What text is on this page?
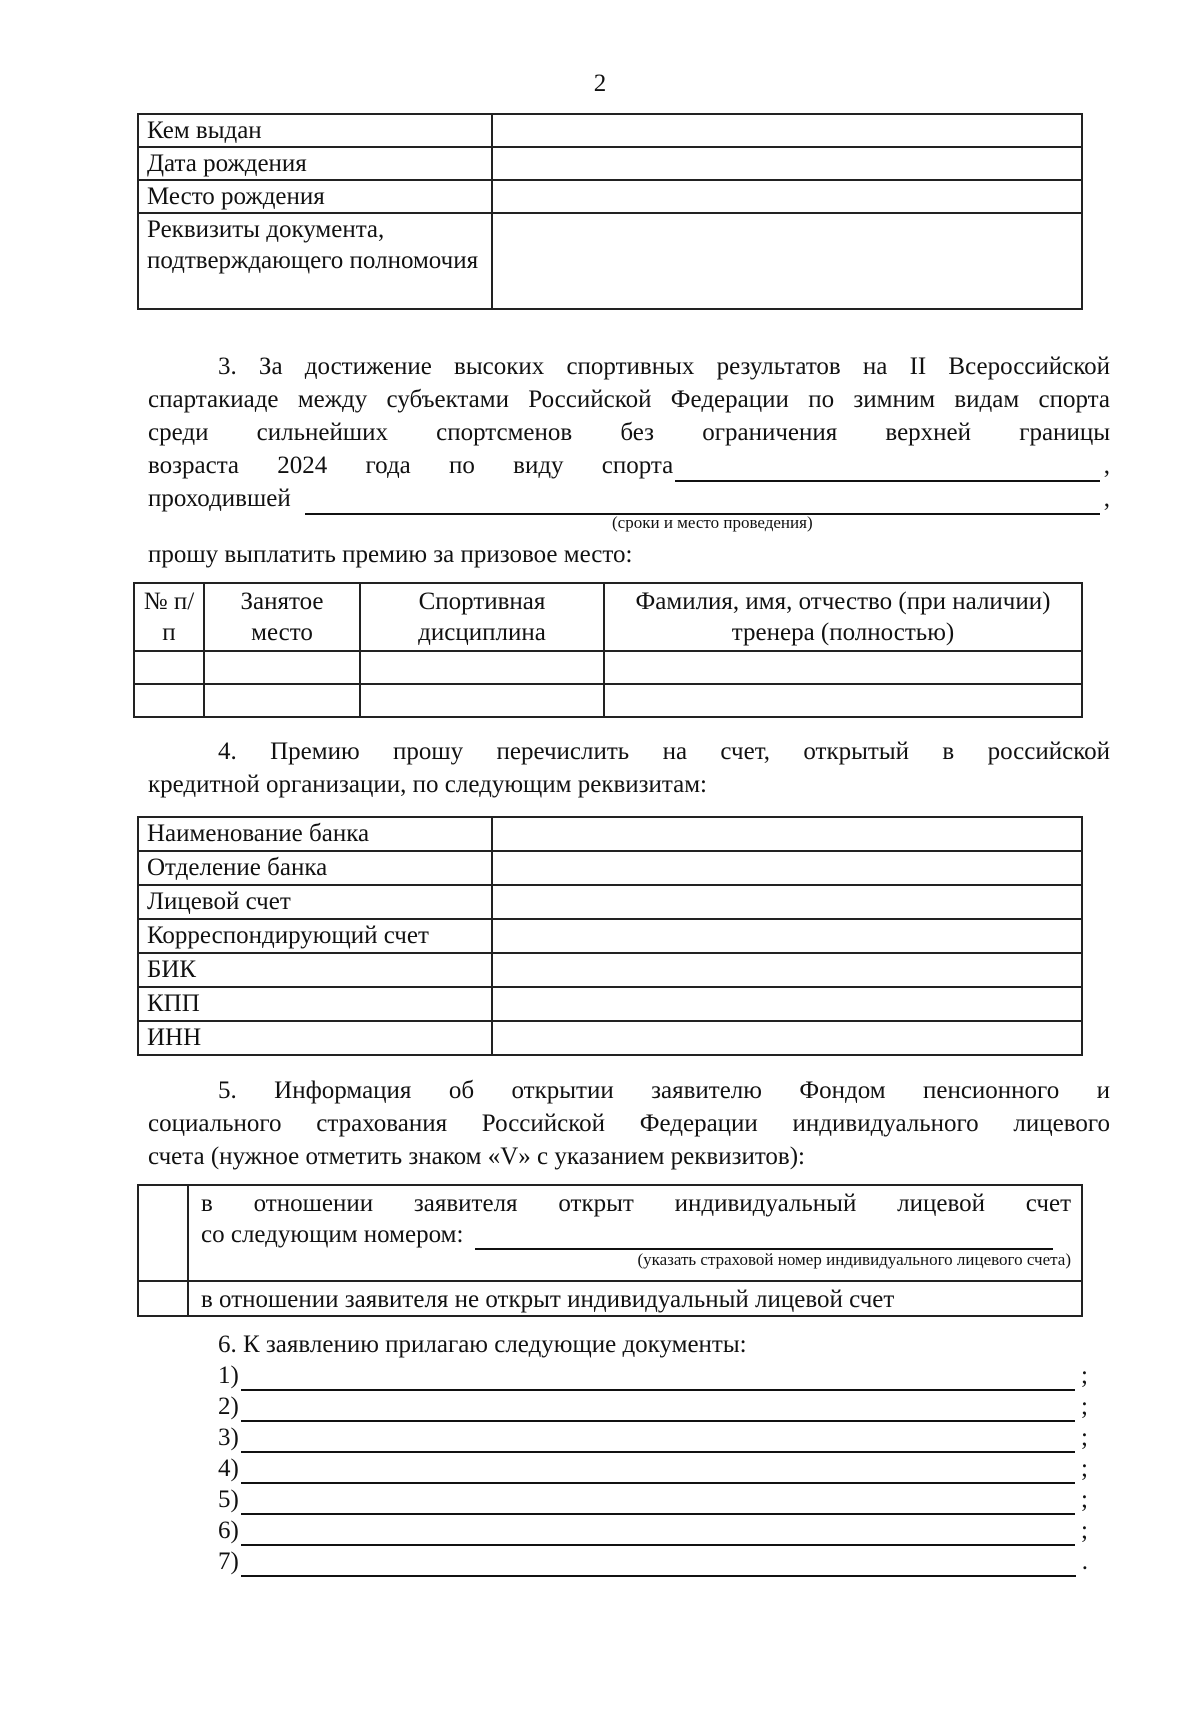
2
Кем выдан	
Дата рождения	
Место рождения	
Реквизиты документа, подтверждающего полномочия	
3. За достижение высоких спортивных результатов на II Всероссийской
спартакиаде между субъектами Российской Федерации по зимним видам спорта
среди сильнейших спортсменов без ограничения верхней границы
возраста 2024 года по виду спорта	,
проходившей	,
(сроки и место проведения)
прошу выплатить премию за призовое место:
№ п/п	Занятое место	Спортивная дисциплина	Фамилия, имя, отчество (при наличии) тренера (полностью)

4. Премию прошу перечислить на счет, открытый в российской
кредитной организации, по следующим реквизитам:
Наименование банка	
Отделение банка	
Лицевой счет	
Корреспондирующий счет	
БИК	
КПП	
ИНН	
5. Информация об открытии заявителю Фондом пенсионного и
социального страхования Российской Федерации индивидуального лицевого
счета (нужное отметить знаком «V» с указанием реквизитов):

	в отношении заявителя открыт индивидуальный лицевой счет
со следующим номером:
(указать страховой номер индивидуального лицевого счета)

	в отношении заявителя не открыт индивидуальный лицевой счет
6. К заявлению прилагаю следующие документы:
1)	;
2)	;
3)	;
4)	;
5)	;
6)	;
7)	.
